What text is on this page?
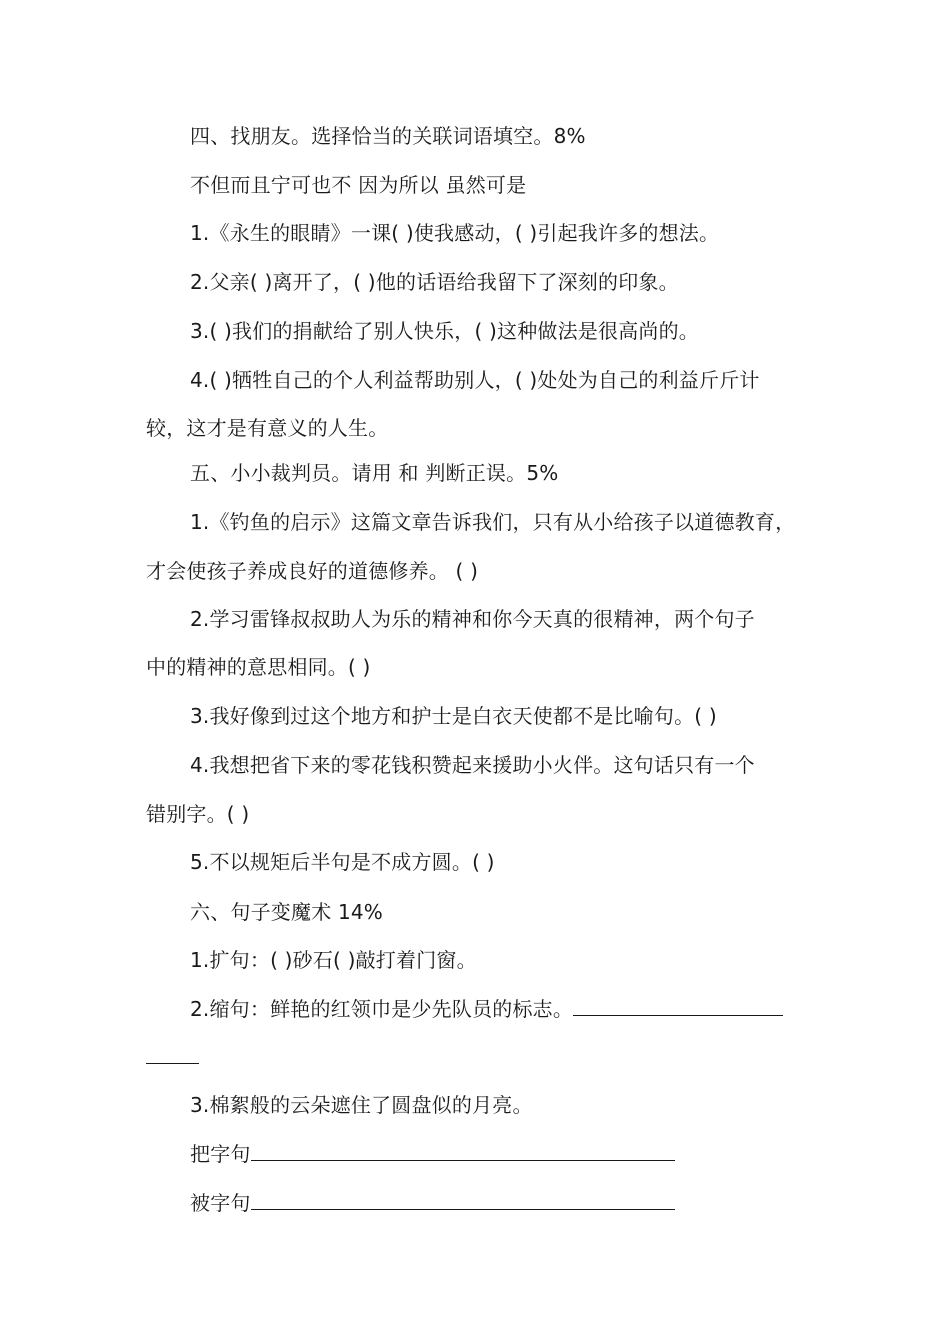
四、找朋友。选择恰当的关联词语填空。8%
不但而且宁可也不 因为所以 虽然可是
1.《永生的眼睛》一课( )使我感动，( )引起我许多的想法。
2.父亲( )离开了，( )他的话语给我留下了深刻的印象。
3.( )我们的捐献给了别人快乐，( )这种做法是很高尚的。
4.( )牺牲自己的个人利益帮助别人，( )处处为自己的利益斤斤计
较，这才是有意义的人生。
五、小小裁判员。请用 和 判断正误。5%
1.《钓鱼的启示》这篇文章告诉我们，只有从小给孩子以道德教育，
才会使孩子养成良好的道德修养。 ( )
2.学习雷锋叔叔助人为乐的精神和你今天真的很精神，两个句子
中的精神的意思相同。( )
3.我好像到过这个地方和护士是白衣天使都不是比喻句。( )
4.我想把省下来的零花钱积赞起来援助小火伴。这句话只有一个
错别字。( )
5.不以规矩后半句是不成方圆。( )
六、句子变魔术 14%
1.扩句：( )砂石( )敲打着门窗。
2.缩句：鲜艳的红领巾是少先队员的标志。
3.棉絮般的云朵遮住了圆盘似的月亮。
把字句
被字句
